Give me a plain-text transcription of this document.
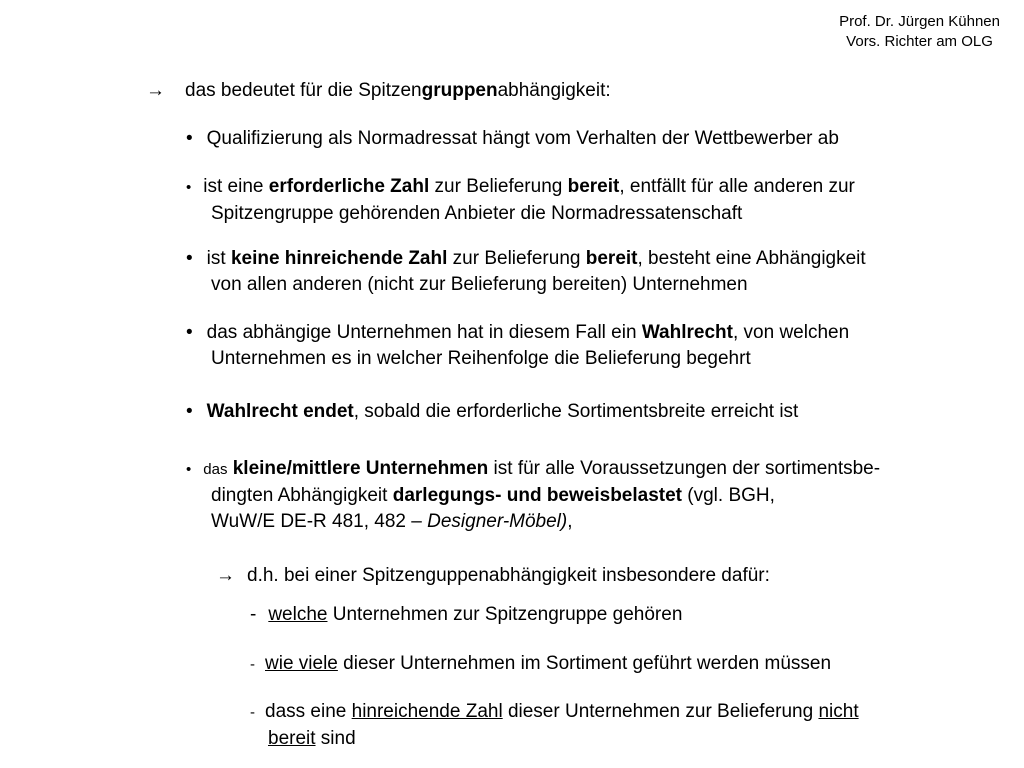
Prof. Dr. Jürgen Kühnen
Vors. Richter am OLG
→ das bedeutet für die Spitzengruppenabhängigkeit:
• Qualifizierung als Normadressat hängt vom Verhalten der Wettbewerber ab
• ist eine erforderliche Zahl zur Belieferung bereit, entfällt für alle anderen zur
Spitzengruppe gehörenden Anbieter die Normadressatenschaft
• ist keine hinreichende Zahl zur Belieferung bereit, besteht eine Abhängigkeit
von allen anderen (nicht zur Belieferung bereiten) Unternehmen
• das abhängige Unternehmen hat in diesem Fall ein Wahlrecht, von welchen
Unternehmen es in welcher Reihenfolge die Belieferung begehrt
• Wahlrecht endet, sobald die erforderliche Sortimentsbreite erreicht ist
• das kleine/mittlere Unternehmen ist für alle Voraussetzungen der sortimentsbe-
dingten Abhängigkeit darlegungs- und beweisbelastet (vgl. BGH,
WuW/E DE-R 481, 482 – Designer-Möbel),
→ d.h. bei einer Spitzenguppenabhängigkeit insbesondere dafür:
- welche Unternehmen zur Spitzengruppe gehören
- wie viele dieser Unternehmen im Sortiment geführt werden müssen
- dass eine hinreichende Zahl dieser Unternehmen zur Belieferung nicht
bereit sind
